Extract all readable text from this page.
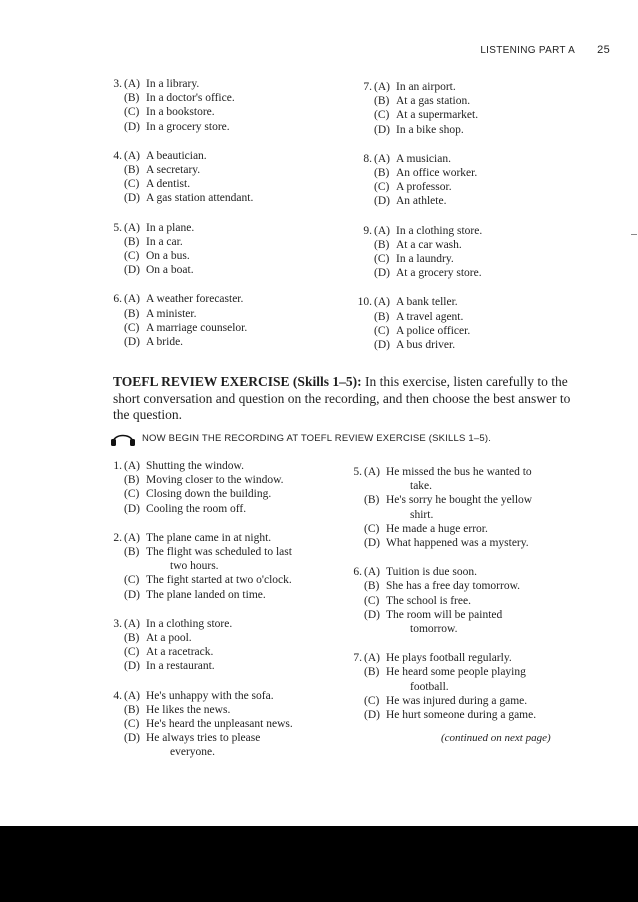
LISTENING PART A 25
3. (A) In a library.
(B) In a doctor's office.
(C) In a bookstore.
(D) In a grocery store.
4. (A) A beautician.
(B) A secretary.
(C) A dentist.
(D) A gas station attendant.
5. (A) In a plane.
(B) In a car.
(C) On a bus.
(D) On a boat.
6. (A) A weather forecaster.
(B) A minister.
(C) A marriage counselor.
(D) A bride.
7. (A) In an airport.
(B) At a gas station.
(C) At a supermarket.
(D) In a bike shop.
8. (A) A musician.
(B) An office worker.
(C) A professor.
(D) An athlete.
9. (A) In a clothing store.
(B) At a car wash.
(C) In a laundry.
(D) At a grocery store.
10. (A) A bank teller.
(B) A travel agent.
(C) A police officer.
(D) A bus driver.
TOEFL REVIEW EXERCISE (Skills 1–5): In this exercise, listen carefully to the short conversation and question on the recording, and then choose the best answer to the question.
NOW BEGIN THE RECORDING AT TOEFL REVIEW EXERCISE (SKILLS 1–5).
1. (A) Shutting the window.
(B) Moving closer to the window.
(C) Closing down the building.
(D) Cooling the room off.
2. (A) The plane came in at night.
(B) The flight was scheduled to last
two hours.
(C) The fight started at two o'clock.
(D) The plane landed on time.
3. (A) In a clothing store.
(B) At a pool.
(C) At a racetrack.
(D) In a restaurant.
4. (A) He's unhappy with the sofa.
(B) He likes the news.
(C) He's heard the unpleasant news.
(D) He always tries to please
everyone.
5. (A) He missed the bus he wanted to
take.
(B) He's sorry he bought the yellow
shirt.
(C) He made a huge error.
(D) What happened was a mystery.
6. (A) Tuition is due soon.
(B) She has a free day tomorrow.
(C) The school is free.
(D) The room will be painted
tomorrow.
7. (A) He plays football regularly.
(B) He heard some people playing
football.
(C) He was injured during a game.
(D) He hurt someone during a game.
(continued on next page)
